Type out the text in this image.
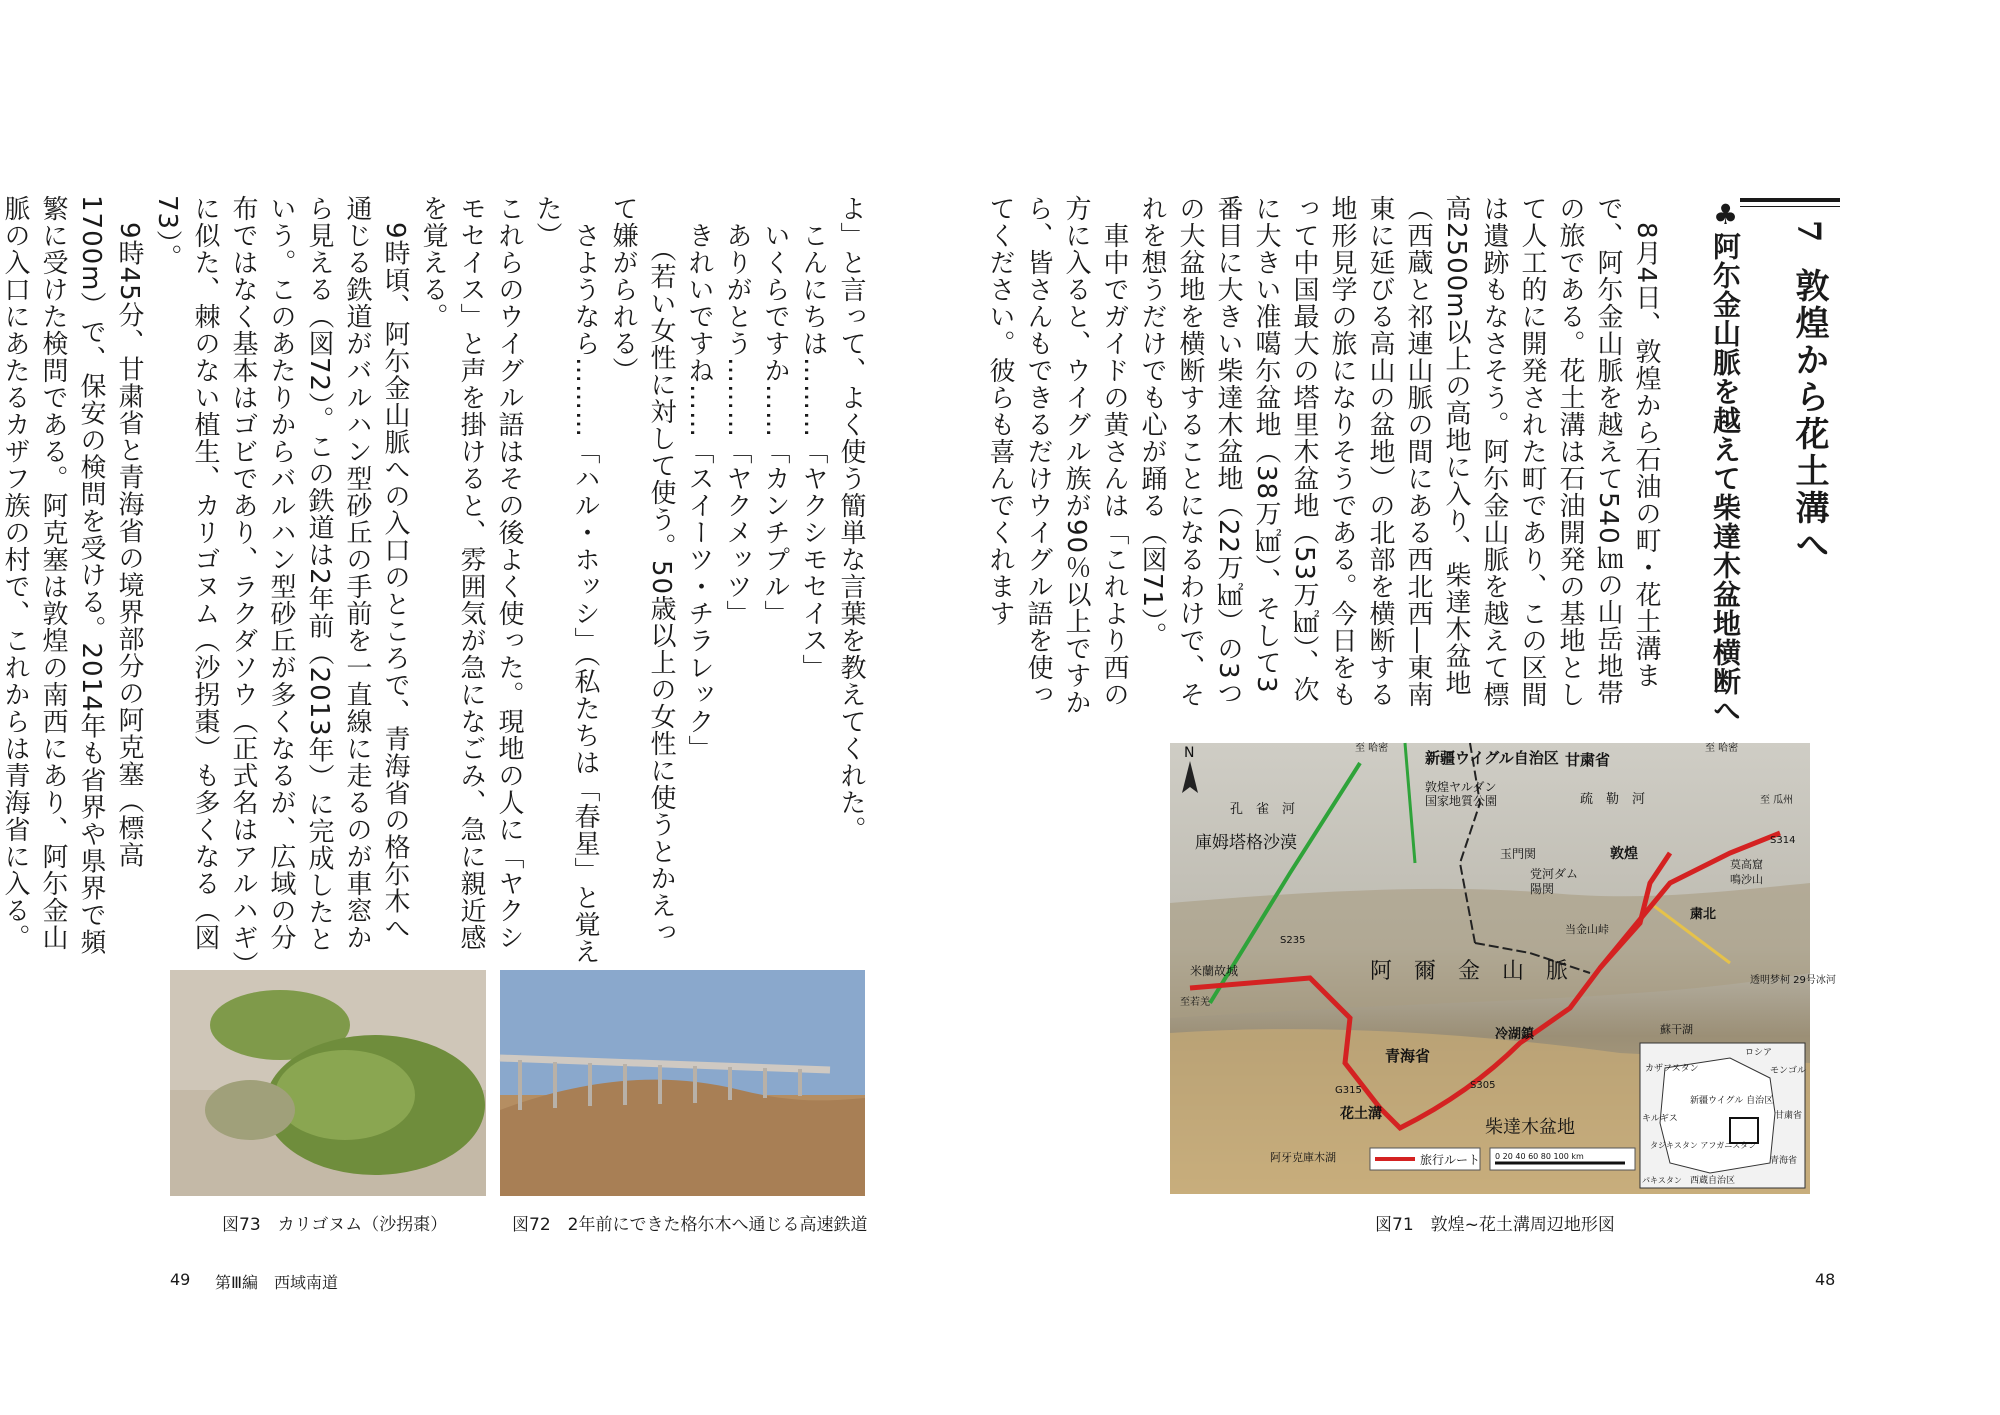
7
敦煌から花土溝へ
♣阿尓金山脈を越えて柴達木盆地横断へ
　8月4日、敦煌から石油の町・花土溝まで、阿尓金山脈を越えて540㎞の山岳地帯の旅である。花土溝は石油開発の基地として人工的に開発された町であり、この区間は遺跡もなさそう。阿尓金山脈を越えて標高2500m以上の高地に入り、柴達木盆地（西蔵と祁連山脈の間にある西北西―東南東に延びる高山の盆地）の北部を横断する地形見学の旅になりそうである。今日をもって中国最大の塔里木盆地（53万㎢）、次に大きい准噶尓盆地（38万㎢）、そして3番目に大きい柴達木盆地（22万㎢）の3つの大盆地を横断することになるわけで、それを想うだけでも心が踊る（図71）。
　車中でガイドの黄さんは「これより西の方に入ると、ウイグル族が90％以上ですから、皆さんもできるだけウイグル語を使ってください。彼らも喜んでくれます
N	新疆ウイグル自治区 甘粛省
至 哈密	至 哈密
至 瓜州
敦煌ヤルダン
国家地質公園
孔　雀　河
庫姆塔格沙漠
疏　勒　河
玉門関	敦煌
党河ダム
陽関
莫高窟
鳴沙山
粛北
阿　爾　金　山　脈
当金山峠
米蘭故城
至若羌
冷湖鎮
青海省
花土溝
柴達木盆地
蘇干湖
透明梦柯 29号冰河
阿牙克庫木湖
S235
G315	S305
S314
旅行ルート 0 20 40 60 80 100 km
ロシア
カザフスタン	モンゴル
新疆ウイグル 自治区
甘粛省
キルギス
タジキスタン アフガニスタン
パキスタン 西蔵自治区
青海省
図71　敦煌~花土溝周辺地形図
48
よ」と言って、よく使う簡単な言葉を教えてくれた。
　こんにちは………「ヤクシモセイス」
　いくらですか……「カンチプル」
　ありがとう………「ヤクメッツ」
　きれいですね……「スイーツ・チラレック」
　　（若い女性に対して使う。50歳以上の女性に使うとかえって嫌がられる）
　さようなら………「ハル・ホッシ」（私たちは「春星」と覚えた）
これらのウイグル語はその後よく使った。現地の人に「ヤクシモセイス」と声を掛けると、雰囲気が急になごみ、急に親近感を覚える。
　9時頃、阿尓金山脈への入口のところで、青海省の格尓木へ通じる鉄道がバルハン型砂丘の手前を一直線に走るのが車窓から見える（図72）。この鉄道は2年前（2013年）に完成したという。このあたりからバルハン型砂丘が多くなるが、広域の分布ではなく基本はゴビであり、ラクダソウ（正式名はアルハギ）に似た、棘のない植生、カリゴヌム（沙拐棗）も多くなる（図73）。
　9時45分、甘粛省と青海省の境界部分の阿克塞（標高1700m）で、保安の検問を受ける。2014年も省界や県界で頻繁に受けた検問である。阿克塞は敦煌の南西にあり、阿尓金山脈の入口にあたるカザフ族の村で、これからは青海省に入る。
図73　カリゴヌム（沙拐棗）	図72　2年前にできた格尓木へ通じる高速鉄道
49 第Ⅲ編　西域南道
